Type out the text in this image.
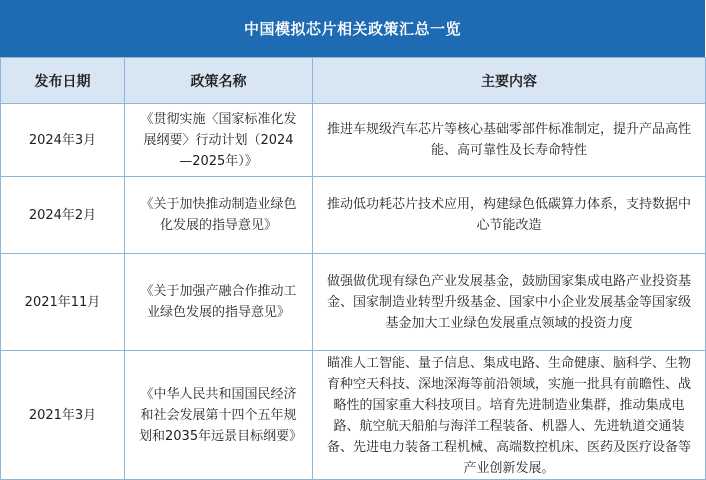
中国模拟芯片相关政策汇总一览
发布日期	政策名称	主要内容
2024年3月	《贯彻实施〈国家标准化发展纲要〉行动计划（2024—2025年）》	推进车规级汽车芯片等核心基础零部件标准制定，提升产品高性能、高可靠性及长寿命特性
2024年2月	《关于加快推动制造业绿色化发展的指导意见》	推动低功耗芯片技术应用，构建绿色低碳算力体系，支持数据中心节能改造
2021年11月	《关于加强产融合作推动工业绿色发展的指导意见》	做强做优现有绿色产业发展基金，鼓励国家集成电路产业投资基金、国家制造业转型升级基金、国家中小企业发展基金等国家级基金加大工业绿色发展重点领域的投资力度
2021年3月	《中华人民共和国国民经济和社会发展第十四个五年规划和2035年远景目标纲要》	瞄准人工智能、量子信息、集成电路、生命健康、脑科学、生物育种空天科技、深地深海等前沿领域，实施一批具有前瞻性、战略性的国家重大科技项目。培育先进制造业集群，推动集成电路、航空航天船舶与海洋工程装备、机器人、先进轨道交通装备、先进电力装备工程机械、高端数控机床、医药及医疗设备等产业创新发展。
